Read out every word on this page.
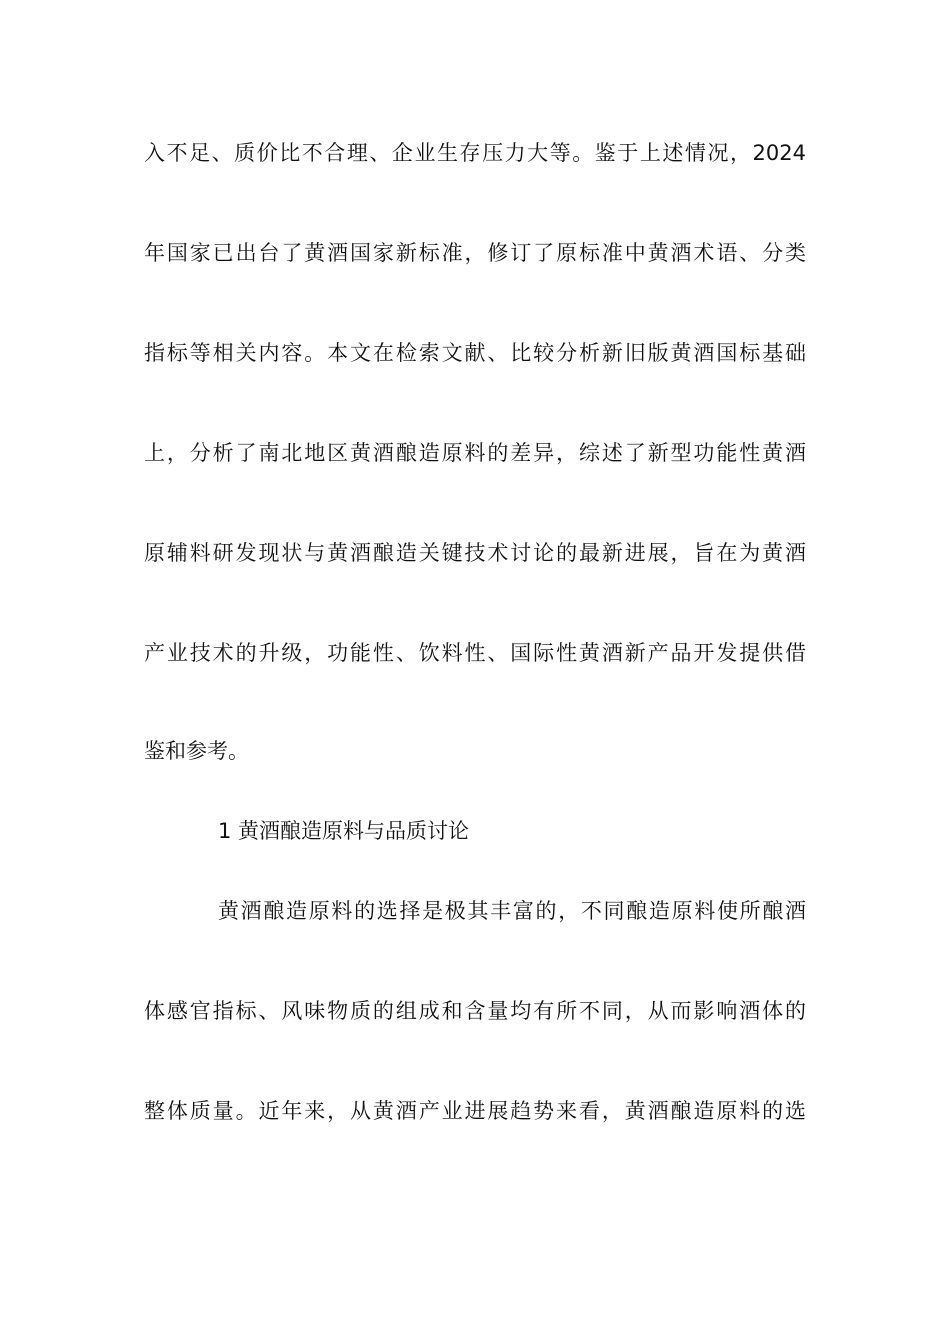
入不足、质价比不合理、企业生存压力大等。鉴于上述情况，2024
年国家已出台了黄酒国家新标准，修订了原标准中黄酒术语、分类
指标等相关内容。本文在检索文献、比较分析新旧版黄酒国标基础
上，分析了南北地区黄酒酿造原料的差异，综述了新型功能性黄酒
原辅料研发现状与黄酒酿造关键技术讨论的最新进展，旨在为黄酒
产业技术的升级，功能性、饮料性、国际性黄酒新产品开发提供借
鉴和参考。
1 黄酒酿造原料与品质讨论
黄酒酿造原料的选择是极其丰富的，不同酿造原料使所酿酒
体感官指标、风味物质的组成和含量均有所不同，从而影响酒体的
整体质量。近年来，从黄酒产业进展趋势来看，黄酒酿造原料的选
